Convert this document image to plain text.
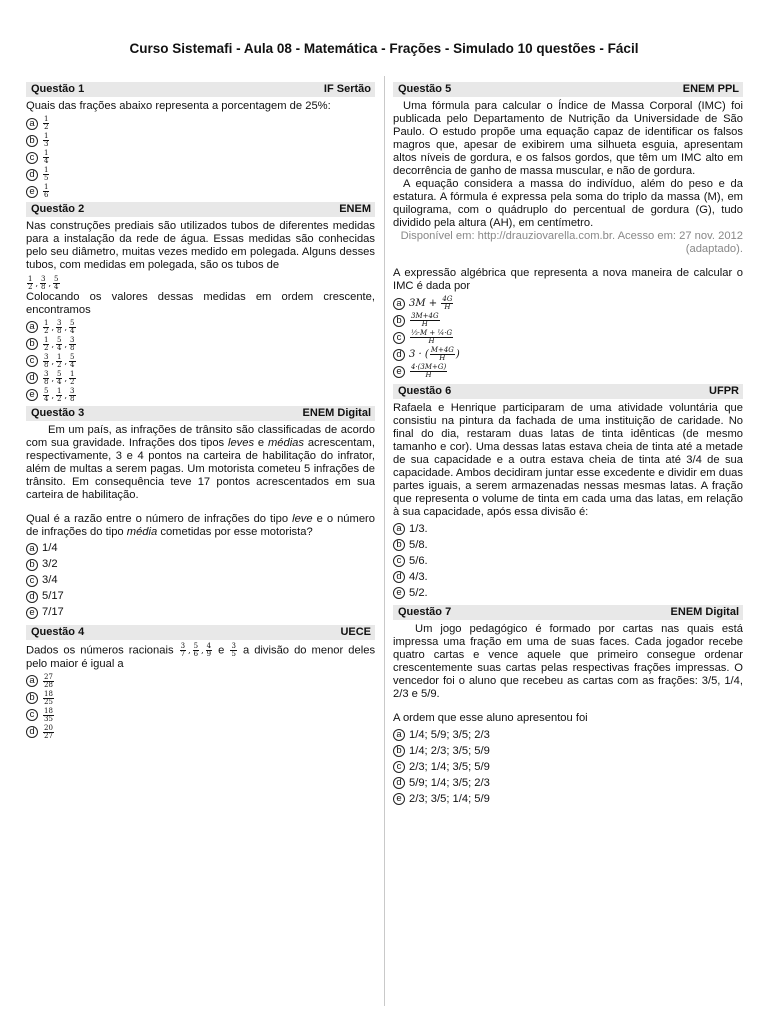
Curso Sistemafi - Aula 08 - Matemática - Frações - Simulado 10 questões - Fácil
Questão 1	IF Sertão

Quais das frações abaixo representa a porcentagem de 25%:

a	$\frac{1}{2}$
b	$\frac{1}{3}$
c	$\frac{1}{4}$
d	$\frac{1}{5}$
e	$\frac{1}{6}$
Questão 2	ENEM

Nas construções prediais são utilizados tubos de diferentes medidas para a instalação da rede de água. Essas medidas são conhecidas pelo seu diâmetro, muitas vezes medido em polegada. Alguns desses tubos, com medidas em polegada, são os tubos de

$\frac{1}{2}$ , $\frac{3}{8}$ , $\frac{5}{4}$

Colocando os valores dessas medidas em ordem crescente, encontramos

a	$\frac{1}{2}$ , $\frac{3}{8}$ , $\frac{5}{4}$
b	$\frac{1}{2}$ , $\frac{5}{4}$ , $\frac{3}{8}$
c	$\frac{3}{8}$ , $\frac{1}{2}$ , $\frac{5}{4}$
d	$\frac{3}{8}$ , $\frac{5}{4}$ , $\frac{1}{2}$
e	$\frac{5}{4}$ , $\frac{1}{2}$ , $\frac{3}{8}$
Questão 3	ENEM Digital

Em um país, as infrações de trânsito são classificadas de acordo com sua gravidade. Infrações dos tipos leves e médias acrescentam, respectivamente, 3 e 4 pontos na carteira de habilitação do infrator, além de multas a serem pagas. Um motorista cometeu 5 infrações de trânsito. Em consequência teve 17 pontos acrescentados em sua carteira de habilitação.

Qual é a razão entre o número de infrações do tipo leve e o número de infrações do tipo média cometidas por esse motorista?

a 1/4
b 3/2
c 3/4
d 5/17
e 7/17
Questão 4	UECE

Dados os números racionais $\frac{3}{7}$ , $\frac{5}{6}$ , $\frac{4}{9}$ e $\frac{3}{5}$ a divisão do menor deles pelo maior é igual a

a	$\frac{27}{28}$
b	$\frac{18}{25}$
c	$\frac{18}{35}$
d	$\frac{20}{27}$
Questão 5	ENEM PPL

Uma fórmula para calcular o Índice de Massa Corporal (IMC) foi publicada pelo Departamento de Nutrição da Universidade de São Paulo. O estudo propõe uma equação capaz de identificar os falsos magros que, apesar de exibirem uma silhueta esguia, apresentam altos níveis de gordura, e os falsos gordos, que têm um IMC alto em decorrência de ganho de massa muscular, e não de gordura.

A equação considera a massa do indivíduo, além do peso e da estatura. A fórmula é expressa pela soma do triplo da massa (M), em quilograma, com o quádruplo do percentual de gordura (G), tudo dividido pela altura (AH), em centímetro.

Disponível em: http://drauziovarella.com.br. Acesso em: 27 nov. 2012 (adaptado).

A expressão algébrica que representa a nova maneira de calcular o IMC é dada por

a 3M +
$\frac{4G}{H}$
b	$\frac{3M+4G}{H}$
c	$\frac{\text{⅓·M + ¼·G}}{H}$
d 3 · ( $\frac{M+4G}{H}$ )
e	$\frac{4\cdot(3M+G)}{H}$
Questão 6	UFPR

Rafaela e Henrique participaram de uma atividade voluntária que consistiu na pintura da fachada de uma instituição de caridade. No final do dia, restaram duas latas de tinta idênticas (de mesmo tamanho e cor). Uma dessas latas estava cheia de tinta até a metade de sua capacidade e a outra estava cheia de tinta até 3/4 de sua capacidade. Ambos decidiram juntar esse excedente e dividir em duas partes iguais, a serem armazenadas nessas mesmas latas. A fração que representa o volume de tinta em cada uma das latas, em relação à sua capacidade, após essa divisão é:

a 1/3.
b 5/8.
c 5/6.
d 4/3.
e 5/2.
Questão 7	ENEM Digital

Um jogo pedagógico é formado por cartas nas quais está impressa uma fração em uma de suas faces. Cada jogador recebe quatro cartas e vence aquele que primeiro consegue ordenar crescentemente suas cartas pelas respectivas frações impressas. O vencedor foi o aluno que recebeu as cartas com as frações: 3/5, 1/4, 2/3 e 5/9.

A ordem que esse aluno apresentou foi

a 1/4; 5/9; 3/5; 2/3
b 1/4; 2/3; 3/5; 5/9
c 2/3; 1/4; 3/5; 5/9
d 5/9; 1/4; 3/5; 2/3
e 2/3; 3/5; 1/4; 5/9
